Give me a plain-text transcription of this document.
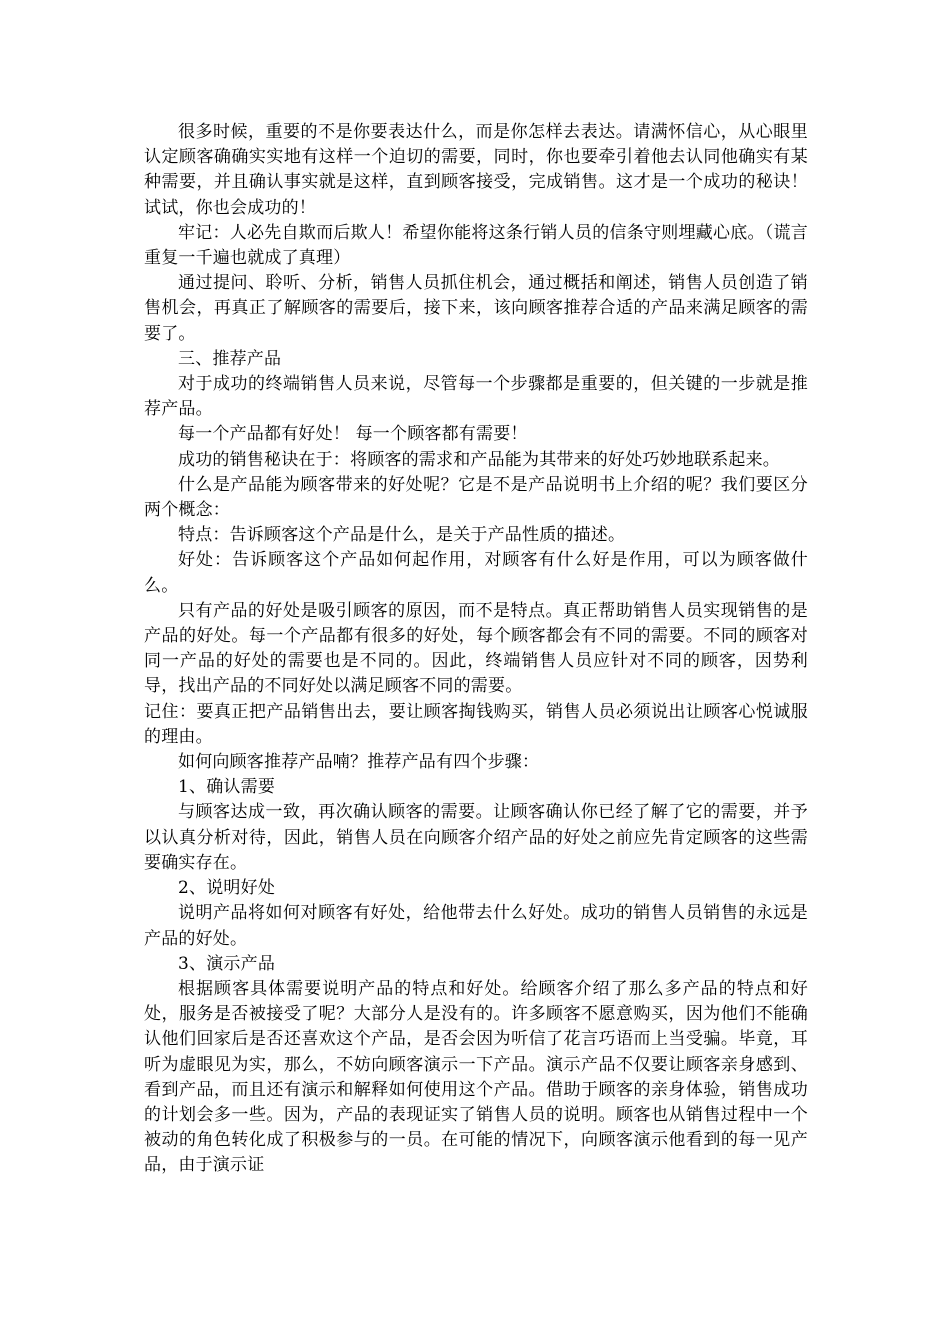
很多时候，重要的不是你要表达什么，而是你怎样去表达。请满怀信心，从心眼里认定顾客确确实实地有这样一个迫切的需要，同时，你也要牵引着他去认同他确实有某种需要，并且确认事实就是这样，直到顾客接受，完成销售。这才是一个成功的秘诀！试试，你也会成功的！

牢记：人必先自欺而后欺人！希望你能将这条行销人员的信条守则埋藏心底。（谎言重复一千遍也就成了真理）

通过提问、聆听、分析，销售人员抓住机会，通过概括和阐述，销售人员创造了销售机会，再真正了解顾客的需要后，接下来，该向顾客推荐合适的产品来满足顾客的需要了。

三、推荐产品

对于成功的终端销售人员来说，尽管每一个步骤都是重要的，但关键的一步就是推荐产品。

每一个产品都有好处！ 每一个顾客都有需要！

成功的销售秘诀在于：将顾客的需求和产品能为其带来的好处巧妙地联系起来。

什么是产品能为顾客带来的好处呢？它是不是产品说明书上介绍的呢？我们要区分两个概念：

特点：告诉顾客这个产品是什么，是关于产品性质的描述。

好处：告诉顾客这个产品如何起作用，对顾客有什么好是作用，可以为顾客做什么。

只有产品的好处是吸引顾客的原因，而不是特点。真正帮助销售人员实现销售的是产品的好处。每一个产品都有很多的好处，每个顾客都会有不同的需要。不同的顾客对同一产品的好处的需要也是不同的。因此，终端销售人员应针对不同的顾客，因势利导，找出产品的不同好处以满足顾客不同的需要。

记住：要真正把产品销售出去，要让顾客掏钱购买，销售人员必须说出让顾客心悦诚服的理由。

如何向顾客推荐产品喃？推荐产品有四个步骤：

1、确认需要

与顾客达成一致，再次确认顾客的需要。让顾客确认你已经了解了它的需要，并予以认真分析对待，因此，销售人员在向顾客介绍产品的好处之前应先肯定顾客的这些需要确实存在。

2、说明好处

说明产品将如何对顾客有好处，给他带去什么好处。成功的销售人员销售的永远是产品的好处。

3、演示产品

根据顾客具体需要说明产品的特点和好处。给顾客介绍了那么多产品的特点和好处，服务是否被接受了呢？大部分人是没有的。许多顾客不愿意购买，因为他们不能确认他们回家后是否还喜欢这个产品，是否会因为听信了花言巧语而上当受骗。毕竟，耳听为虚眼见为实，那么，不妨向顾客演示一下产品。演示产品不仅要让顾客亲身感到、看到产品，而且还有演示和解释如何使用这个产品。借助于顾客的亲身体验，销售成功的计划会多一些。因为，产品的表现证实了销售人员的说明。顾客也从销售过程中一个被动的角色转化成了积极参与的一员。在可能的情况下，向顾客演示他看到的每一见产品，由于演示证
